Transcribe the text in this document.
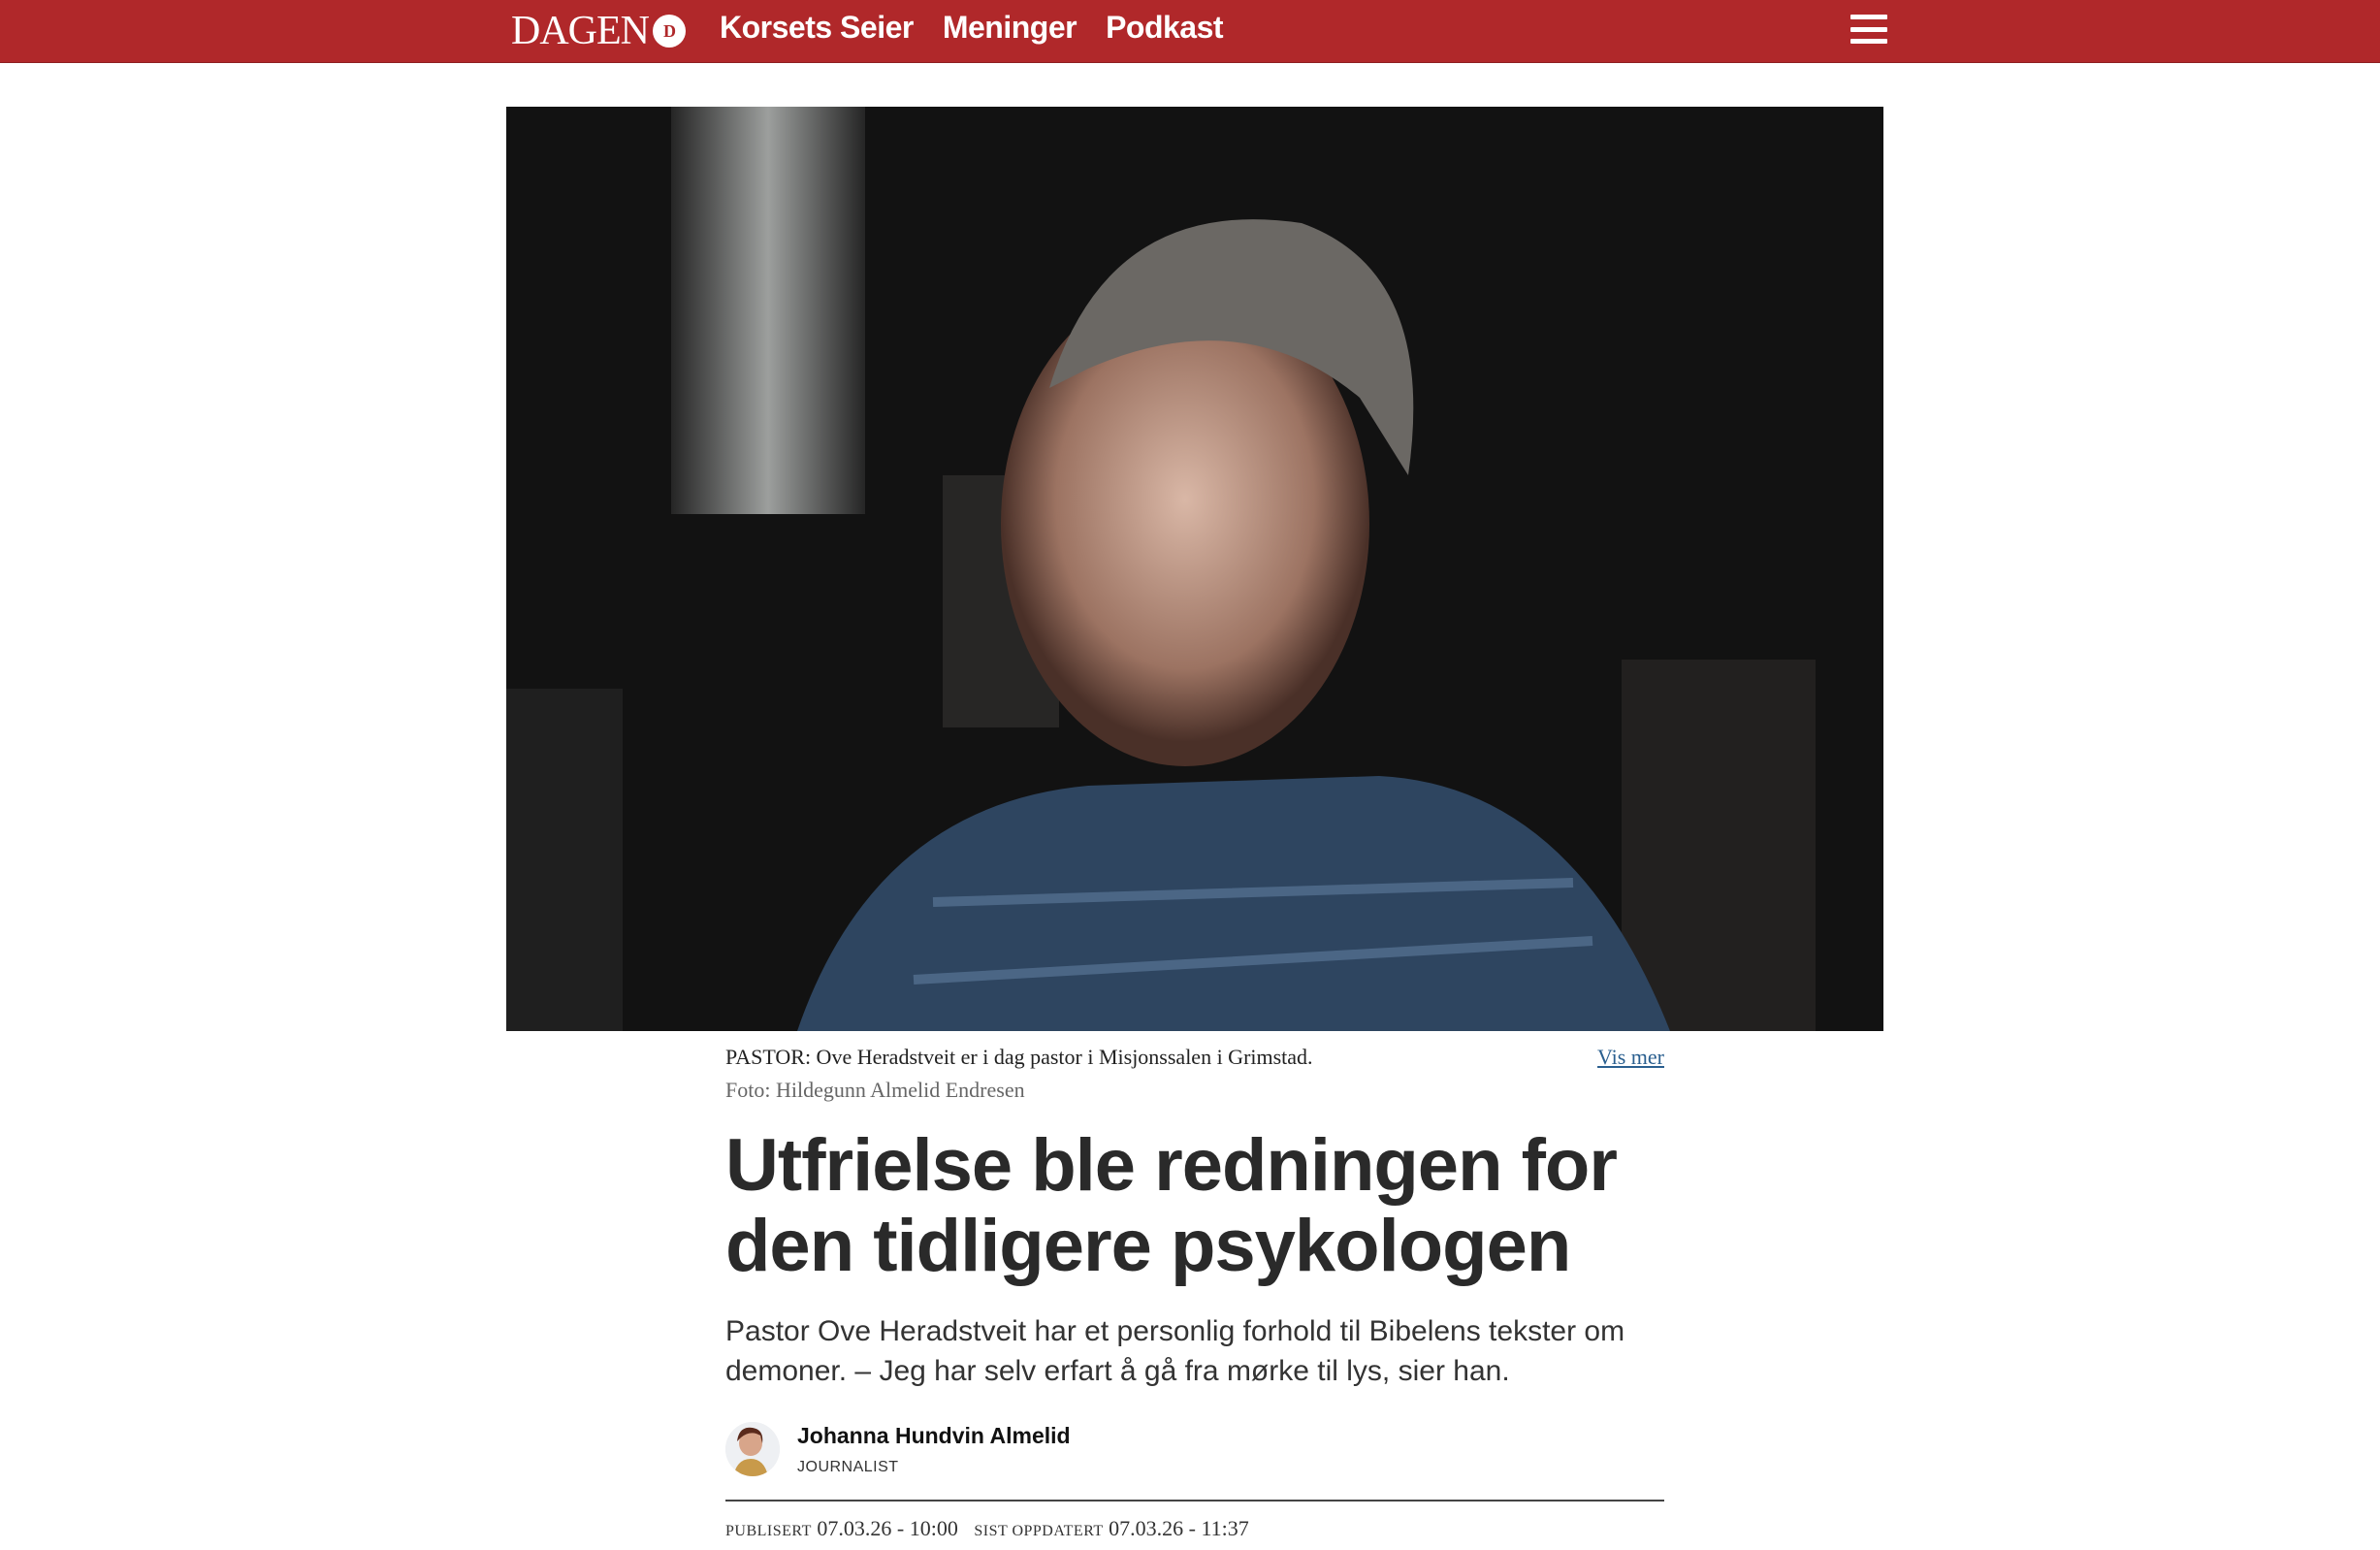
DAGEN D	Korsets Seier Meninger Podkast
PASTOR: Ove Heradstveit er i dag pastor i Misjonssalen i Grimstad.	Vis mer
Foto: Hildegunn Almelid Endresen
Utfrielse ble redningen for den tidligere psykologen

Pastor Ove Heradstveit har et personlig forhold til Bibelens tekster om demoner. – Jeg har selv erfart å gå fra mørke til lys, sier han.

Johanna Hundvin Almelid
JOURNALIST
PUBLISERT 07.03.26 - 10:00 SIST OPPDATERT 07.03.26 - 11:37
